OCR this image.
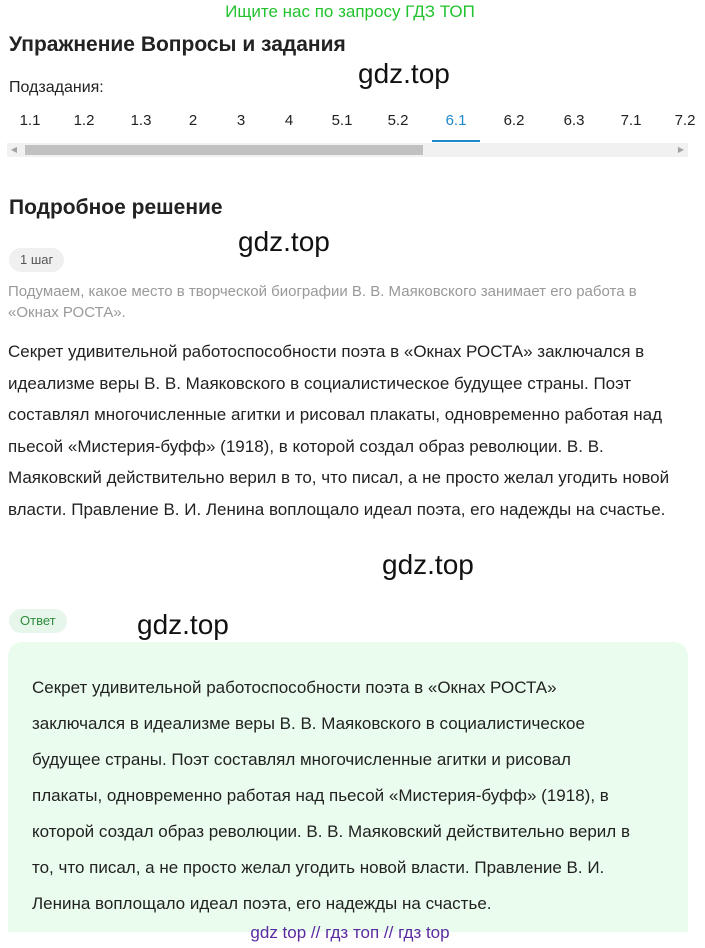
Ищите нас по запросу ГДЗ ТОП
Упражнение Вопросы и задания
gdz.top
Подзадания:
1.1	1.2	1.3	2	3	4	5.1	5.2	6.1	6.2	6.3	7.1	7.2
◀	▶
Подробное решение
gdz.top
1 шаг
Подумаем, какое место в творческой биографии В. В. Маяковского занимает его работа в «Окнах РОСТА».
Секрет удивительной работоспособности поэта в «Окнах РОСТА» заключался в идеализме веры В. В. Маяковского в социалистическое будущее страны. Поэт составлял многочисленные агитки и рисовал плакаты, одновременно работая над пьесой «Мистерия-буфф» (1918), в которой создал образ революции. В. В. Маяковский действительно верил в то, что писал, а не просто желал угодить новой власти. Правление В. И. Ленина воплощало идеал поэта, его надежды на счастье.
gdz.top
Ответ	gdz.top
Секрет удивительной работоспособности поэта в «Окнах РОСТА» заключался в идеализме веры В. В. Маяковского в социалистическое будущее страны. Поэт составлял многочисленные агитки и рисовал плакаты, одновременно работая над пьесой «Мистерия-буфф» (1918), в которой создал образ революции. В. В. Маяковский действительно верил в то, что писал, а не просто желал угодить новой власти. Правление В. И. Ленина воплощало идеал поэта, его надежды на счастье.
gdz top // гдз топ // гдз top
